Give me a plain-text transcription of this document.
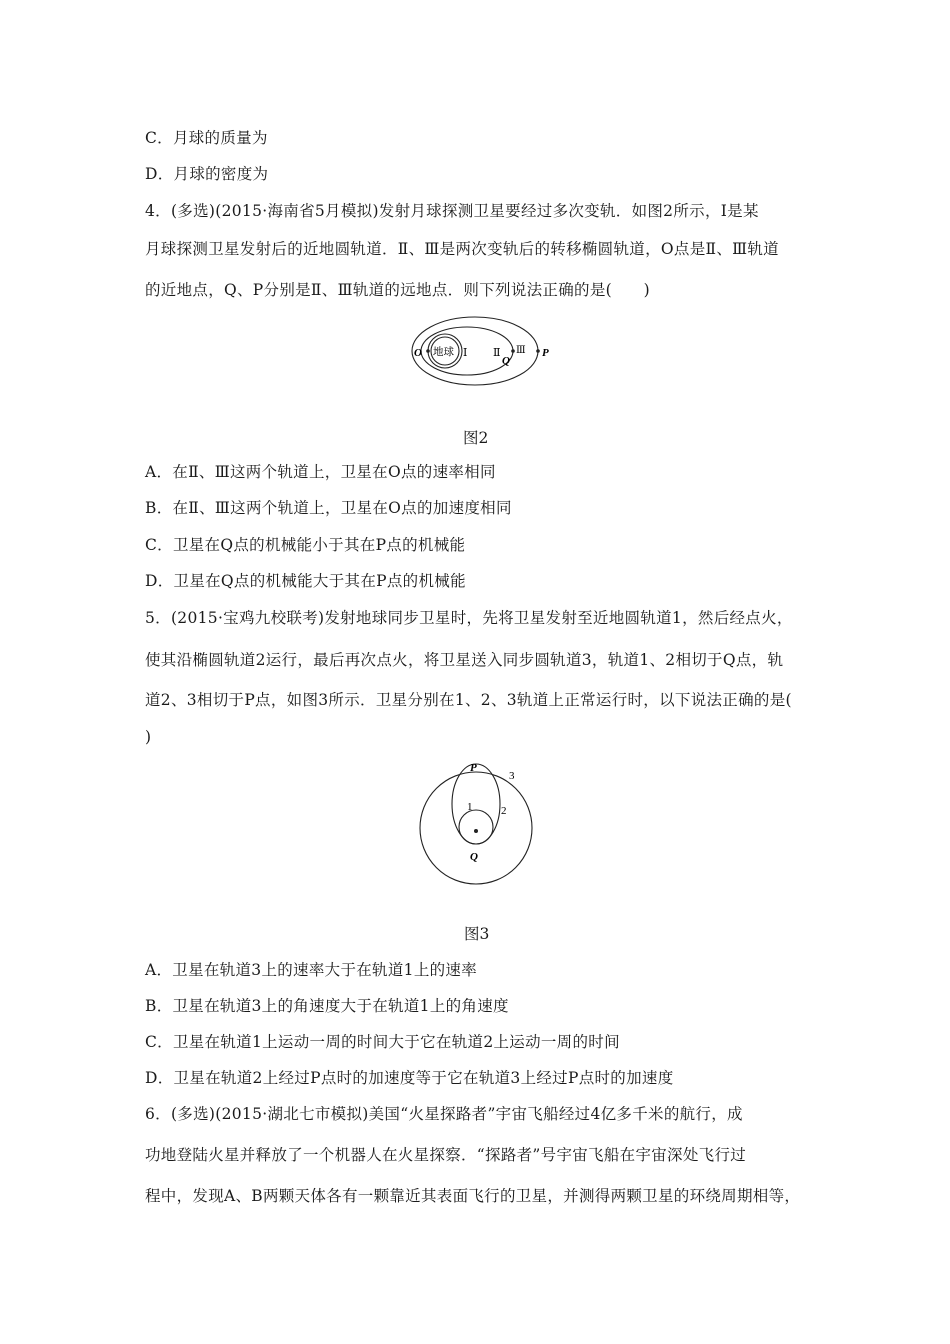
C．月球的质量为
D．月球的密度为
4．(多选)(2015·海南省5月模拟)发射月球探测卫星要经过多次变轨．如图2所示，Ⅰ是某
月球探测卫星发射后的近地圆轨道．Ⅱ、Ⅲ是两次变轨后的转移椭圆轨道，O点是Ⅱ、Ⅲ轨道
的近地点，Q、P分别是Ⅱ、Ⅲ轨道的远地点．则下列说法正确的是(　　)
O 地球 Ⅰ Ⅱ Ⅲ
Q
P
图2
A．在Ⅱ、Ⅲ这两个轨道上，卫星在O点的速率相同
B．在Ⅱ、Ⅲ这两个轨道上，卫星在O点的加速度相同
C．卫星在Q点的机械能小于其在P点的机械能
D．卫星在Q点的机械能大于其在P点的机械能
5．(2015·宝鸡九校联考)发射地球同步卫星时，先将卫星发射至近地圆轨道1，然后经点火，
使其沿椭圆轨道2运行，最后再次点火，将卫星送入同步圆轨道3，轨道1、2相切于Q点，轨
道2、3相切于P点，如图3所示．卫星分别在1、2、3轨道上正常运行时，以下说法正确的是(
)
P
3
1	2
Q
图3
A．卫星在轨道3上的速率大于在轨道1上的速率
B．卫星在轨道3上的角速度大于在轨道1上的角速度
C．卫星在轨道1上运动一周的时间大于它在轨道2上运动一周的时间
D．卫星在轨道2上经过P点时的加速度等于它在轨道3上经过P点时的加速度
6．(多选)(2015·湖北七市模拟)美国“火星探路者”宇宙飞船经过4亿多千米的航行，成
功地登陆火星并释放了一个机器人在火星探察．“探路者”号宇宙飞船在宇宙深处飞行过
程中，发现A、B两颗天体各有一颗靠近其表面飞行的卫星，并测得两颗卫星的环绕周期相等，
